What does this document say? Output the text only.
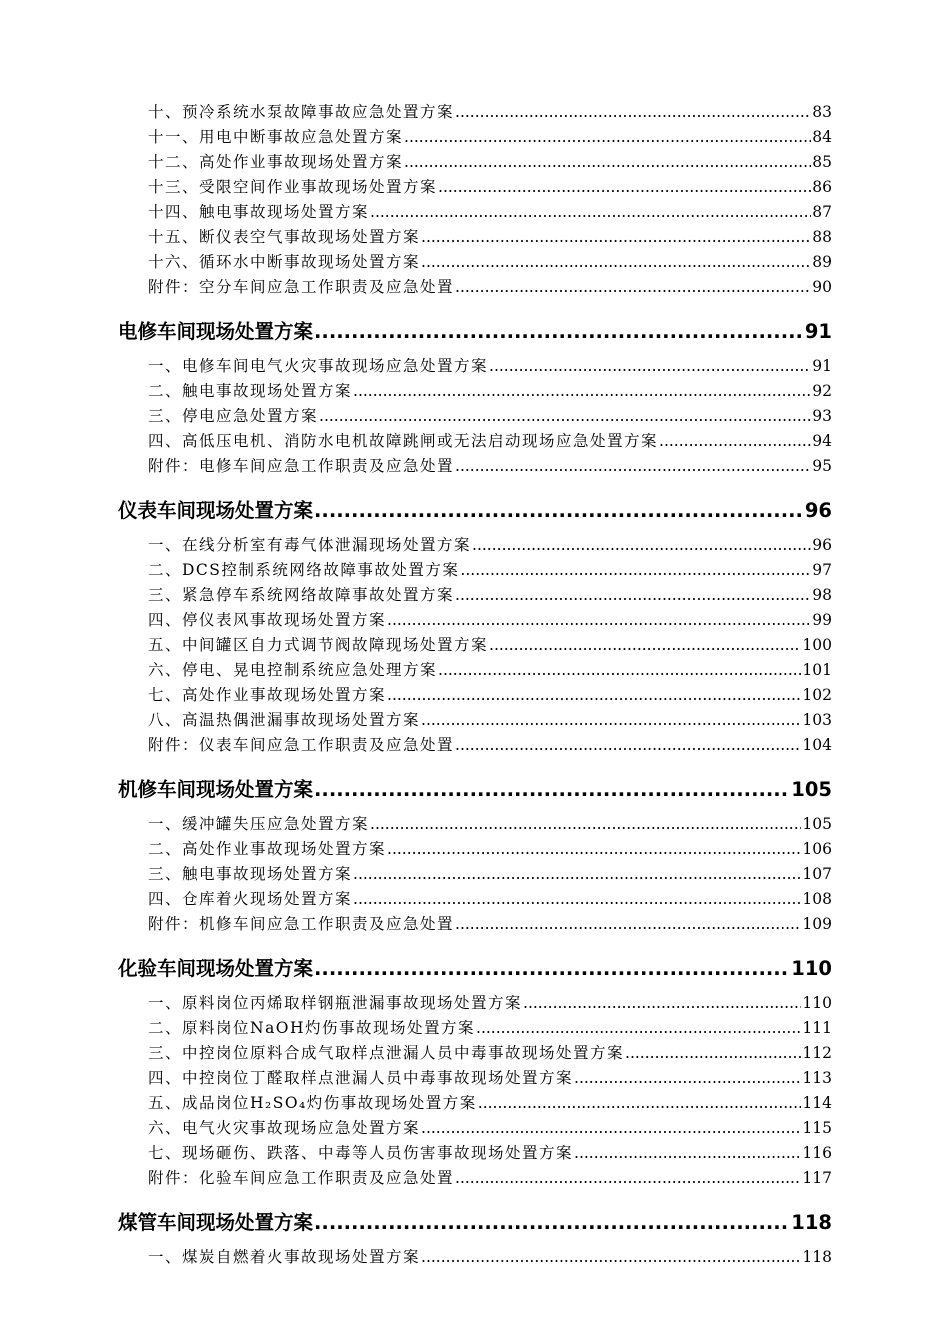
十、预冷系统水泵故障事故应急处置方案 .....	83
十一、用电中断事故应急处置方案 .....	84
十二、高处作业事故现场处置方案 .....	85
十三、受限空间作业事故现场处置方案 .....	86
十四、触电事故现场处置方案 .....	87
十五、断仪表空气事故现场处置方案 .....	88
十六、循环水中断事故现场处置方案 .....	89
附件：空分车间应急工作职责及应急处置 .....	90
电修车间现场处置方案 .....	91
一、电修车间电气火灾事故现场应急处置方案 .....	91
二、触电事故现场处置方案 .....	92
三、停电应急处置方案 .....	93
四、高低压电机、消防水电机故障跳闸或无法启动现场应急处置方案 .....	94
附件：电修车间应急工作职责及应急处置 .....	95
仪表车间现场处置方案 .....	96
一、在线分析室有毒气体泄漏现场处置方案 .....	96
二、DCS控制系统网络故障事故处置方案 .....	97
三、紧急停车系统网络故障事故处置方案 .....	98
四、停仪表风事故现场处置方案 .....	99
五、中间罐区自力式调节阀故障现场处置方案 .....	100
六、停电、晃电控制系统应急处理方案 .....	101
七、高处作业事故现场处置方案 .....	102
八、高温热偶泄漏事故现场处置方案 .....	103
附件：仪表车间应急工作职责及应急处置 .....	104
机修车间现场处置方案 .....	105
一、缓冲罐失压应急处置方案 .....	105
二、高处作业事故现场处置方案 .....	106
三、触电事故现场处置方案 .....	107
四、仓库着火现场处置方案 .....	108
附件：机修车间应急工作职责及应急处置 .....	109
化验车间现场处置方案 .....	110
一、原料岗位丙烯取样钢瓶泄漏事故现场处置方案 .....	110
二、原料岗位NaOH灼伤事故现场处置方案 .....	111
三、中控岗位原料合成气取样点泄漏人员中毒事故现场处置方案 .....	112
四、中控岗位丁醛取样点泄漏人员中毒事故现场处置方案 .....	113
五、成品岗位H₂SO₄灼伤事故现场处置方案 .....	114
六、电气火灾事故现场应急处置方案 .....	115
七、现场砸伤、跌落、中毒等人员伤害事故现场处置方案 .....	116
附件：化验车间应急工作职责及应急处置 .....	117
煤管车间现场处置方案 .....	118
一、煤炭自燃着火事故现场处置方案 .....	118
